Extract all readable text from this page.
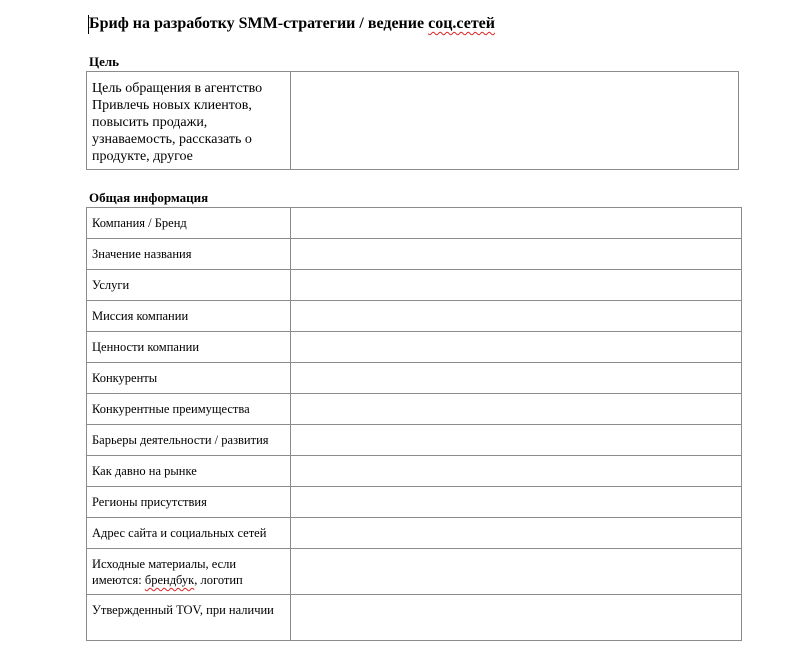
Бриф на разработку SMM-стратегии / ведение соц.сетей
Цель
Цель обращения в агентство
Привлечь новых клиентов, повысить продажи, узнаваемость, рассказать о продукте, другое

Общая информация
Компания / Бренд	
Значение названия	
Услуги	
Миссия компании	
Ценности компании	
Конкуренты	
Конкурентные преимущества	
Барьеры деятельности / развития	
Как давно на рынке	
Регионы присутствия	
Адрес сайта и социальных сетей	
Исходные материалы, если имеются: брендбук, логотип	
Утвержденный TOV, при наличии	
